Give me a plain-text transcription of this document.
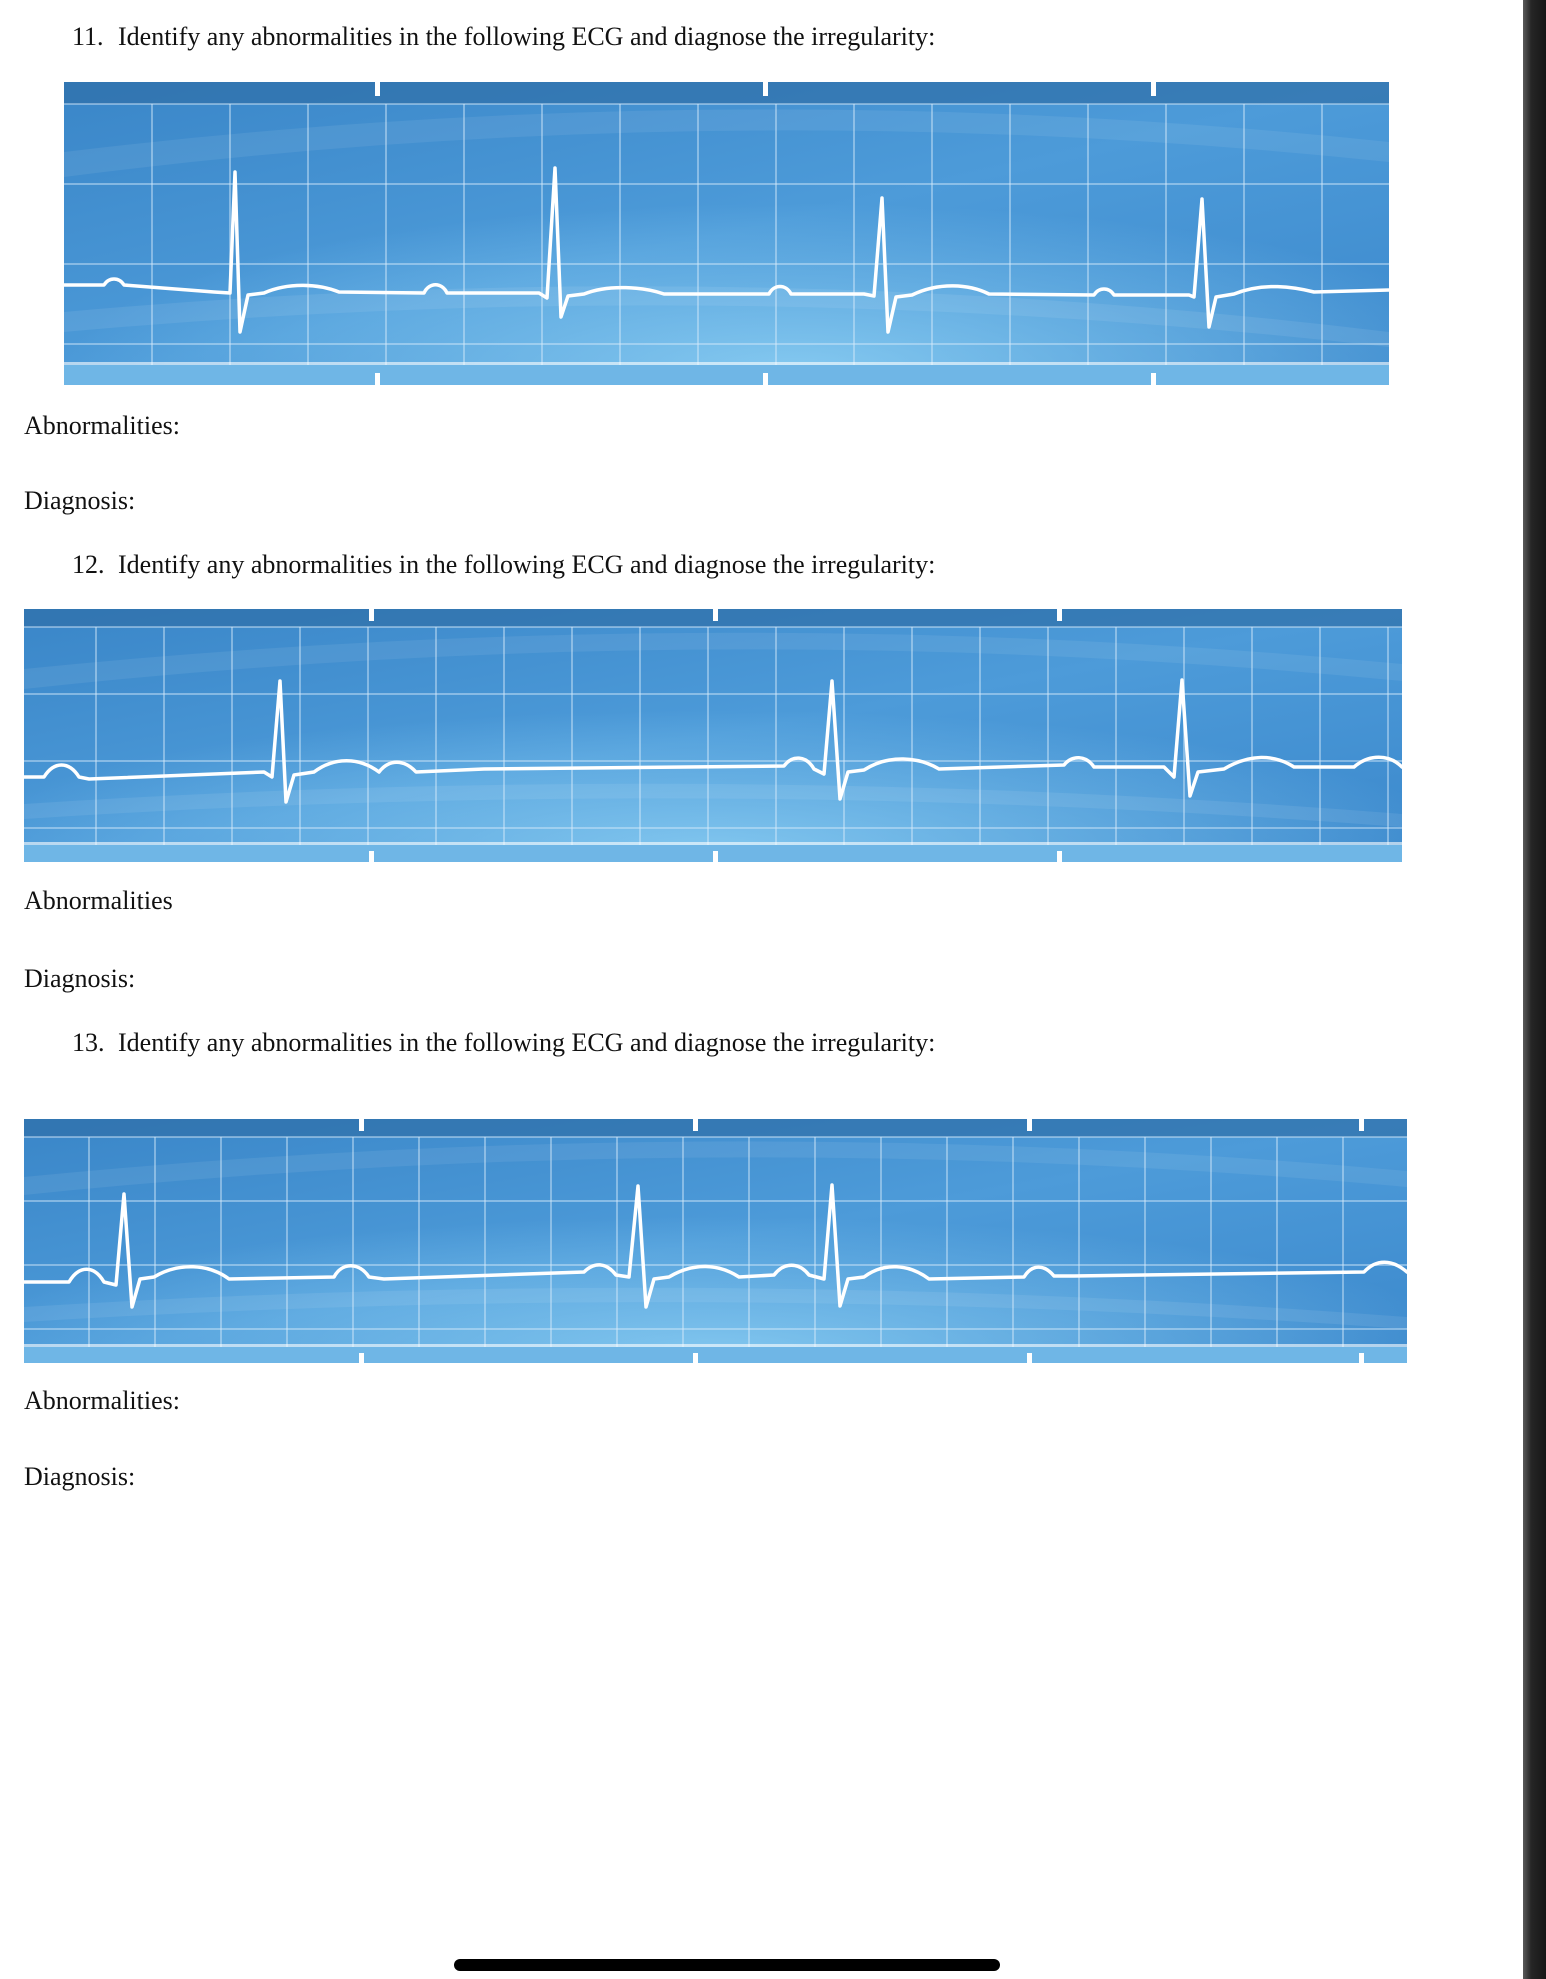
11. Identify any abnormalities in the following ECG and diagnose the irregularity:
Abnormalities:
Diagnosis:
12. Identify any abnormalities in the following ECG and diagnose the irregularity:
Abnormalities
Diagnosis:
13. Identify any abnormalities in the following ECG and diagnose the irregularity:
Abnormalities:
Diagnosis:
